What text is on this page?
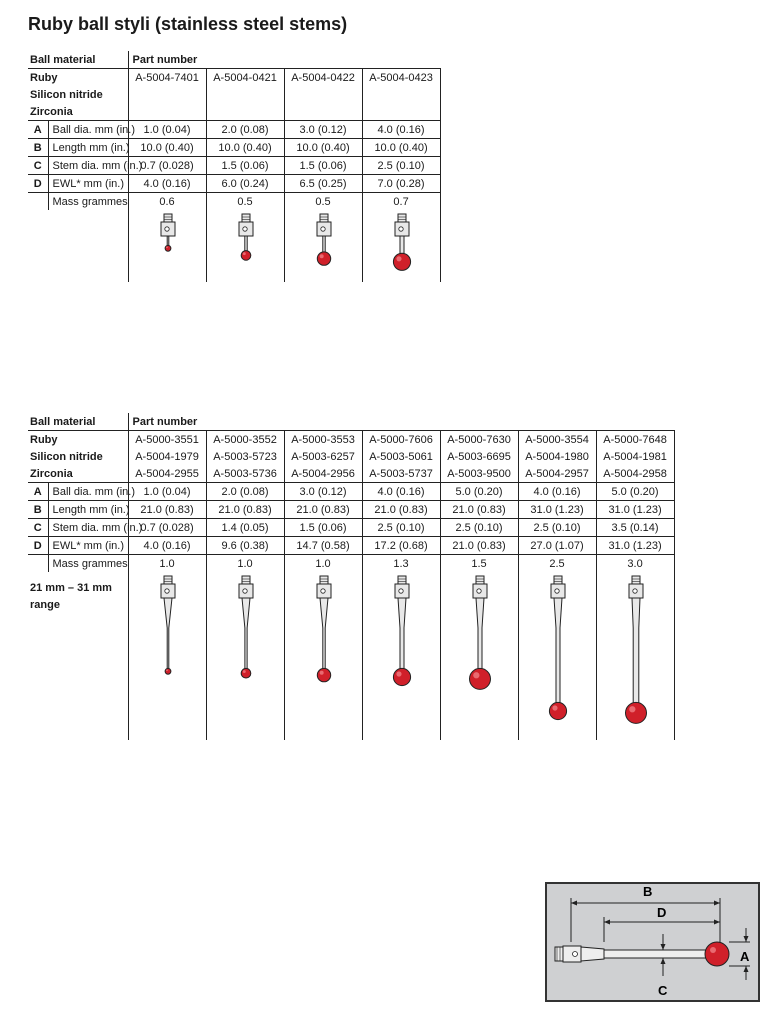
Ruby ball styli (stainless steel stems)
Ball material		Part number			
Ruby		A-5004-7401	A-5004-0421	A-5004-0422	A-5004-0423
Silicon nitride					
Zirconia					
A	Ball dia. mm (in.)	1.0 (0.04)	2.0 (0.08)	3.0 (0.12)	4.0 (0.16)
B	Length mm (in.)	10.0 (0.40)	10.0 (0.40)	10.0 (0.40)	10.0 (0.40)
C	Stem dia. mm (in.)	0.7 (0.028)	1.5 (0.06)	1.5 (0.06)	2.5 (0.10)
D	EWL* mm (in.)	4.0 (0.16)	6.0 (0.24)	6.5 (0.25)	7.0 (0.28)
	Mass grammes	0.6	0.5	0.5	0.7

Ball material		Part number						
Ruby		A-5000-3551	A-5000-3552	A-5000-3553	A-5000-7606	A-5000-7630	A-5000-3554	A-5000-7648
Silicon nitride		A-5004-1979	A-5003-5723	A-5003-6257	A-5003-5061	A-5003-6695	A-5004-1980	A-5004-1981
Zirconia		A-5004-2955	A-5003-5736	A-5004-2956	A-5003-5737	A-5003-9500	A-5004-2957	A-5004-2958
A	Ball dia. mm (in.)	1.0 (0.04)	2.0 (0.08)	3.0 (0.12)	4.0 (0.16)	5.0 (0.20)	4.0 (0.16)	5.0 (0.20)
B	Length mm (in.)	21.0 (0.83)	21.0 (0.83)	21.0 (0.83)	21.0 (0.83)	21.0 (0.83)	31.0 (1.23)	31.0 (1.23)
C	Stem dia. mm (in.)	0.7 (0.028)	1.4 (0.05)	1.5 (0.06)	2.5 (0.10)	2.5 (0.10)	2.5 (0.10)	3.5 (0.14)
D	EWL* mm (in.)	4.0 (0.16)	9.6 (0.38)	14.7 (0.58)	17.2 (0.68)	21.0 (0.83)	27.0 (1.07)	31.0 (1.23)
	Mass grammes	1.0	1.0	1.0	1.3	1.5	2.5	3.0
21 mm – 31 mm range	

B
D
A
C
